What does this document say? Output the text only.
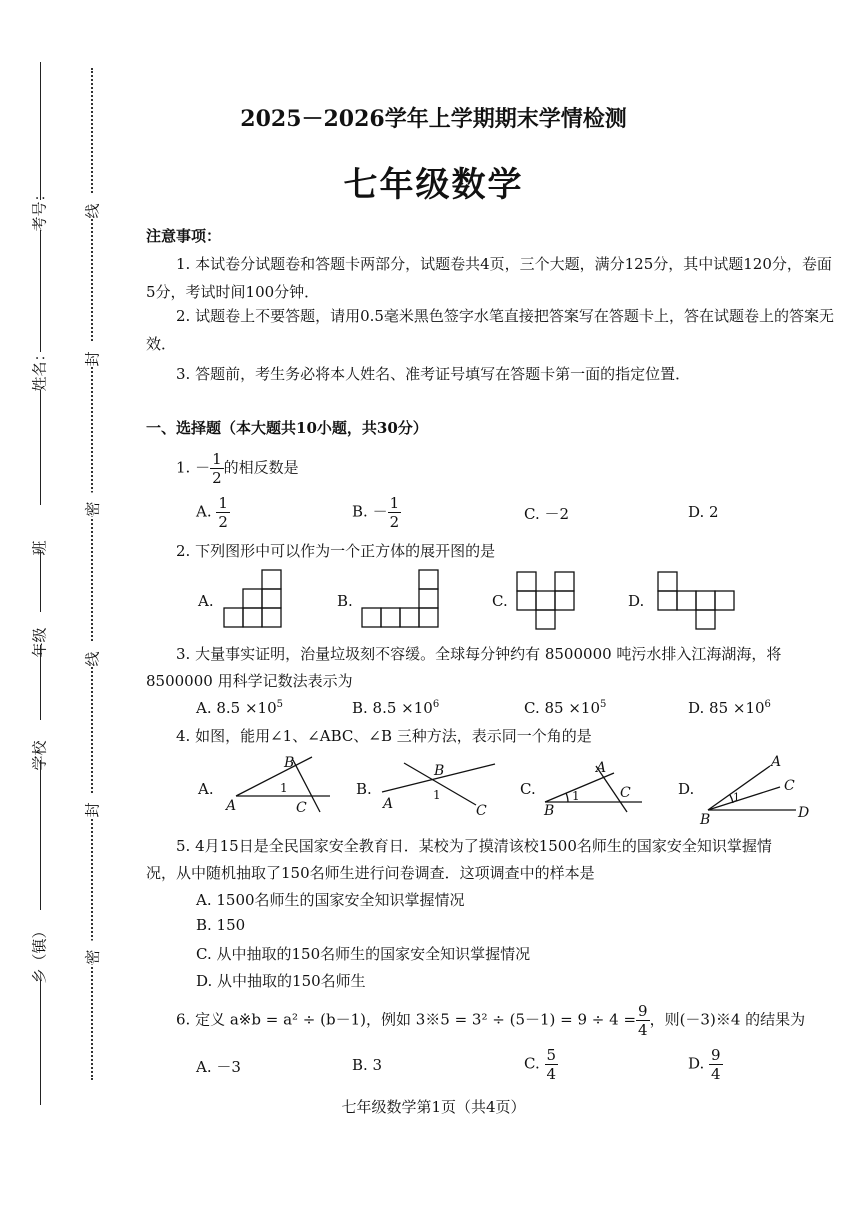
考号：
姓名：
班
年级
学校
乡（镇）
线
封
密
线
封
密
2025－2026学年上学期期末学情检测
七年级数学
注意事项：
1. 本试卷分试题卷和答题卡两部分，试题卷共4页，三个大题，满分125分，其中试题120分，卷面5分，考试时间100分钟．
2. 试题卷上不要答题，请用0.5毫米黑色签字水笔直接把答案写在答题卡上，答在试题卷上的答案无效．
3. 答题前，考生务必将本人姓名、准考证号填写在答题卡第一面的指定位置．
一、选择题（本大题共10小题，共30分）
1. － $\frac{1}{2}$ 的相反数是
A. $\frac{1}{2}$	B. － $\frac{1}{2}$	C. －2	D. 2
2. 下列图形中可以作为一个正方体的展开图的是
A.	B.	C.	D.
3. 大量事实证明，治量垃圾刻不容缓。全球每分钟约有 8500000 吨污水排入江海湖海，将
8500000 用科学记数法表示为
A. $8.5 \times 10^5$	B. $8.5 \times 10^6$	C. $85 \times 10^5$	D. $85 \times 10^6$
4. 如图，能用∠1、∠ABC、∠B 三种方法，表示同一个角的是
A.	B.	C.	D.
B
1
A	C
B
1
A	C
A
1
B
C
A
C
D
B
1
5. 4月15日是全民国家安全教育日．某校为了摸清该校1500名师生的国家安全知识掌握情
况，从中随机抽取了150名师生进行问卷调查．这项调查中的样本是
A. 1500名师生的国家安全知识掌握情况
B. 150
C. 从中抽取的150名师生的国家安全知识掌握情况
D. 从中抽取的150名师生
6. 定义 a※b = a² ÷ (b－1)，例如 3※5 = $3^2 \div (5-1) = 9 \div 4 = \frac{9}{4}$ ，则(－3)※4 的结果为
A. －3	B. 3	C. $\frac{5}{4}$	D. $\frac{9}{4}$
七年级数学第1页（共4页）
